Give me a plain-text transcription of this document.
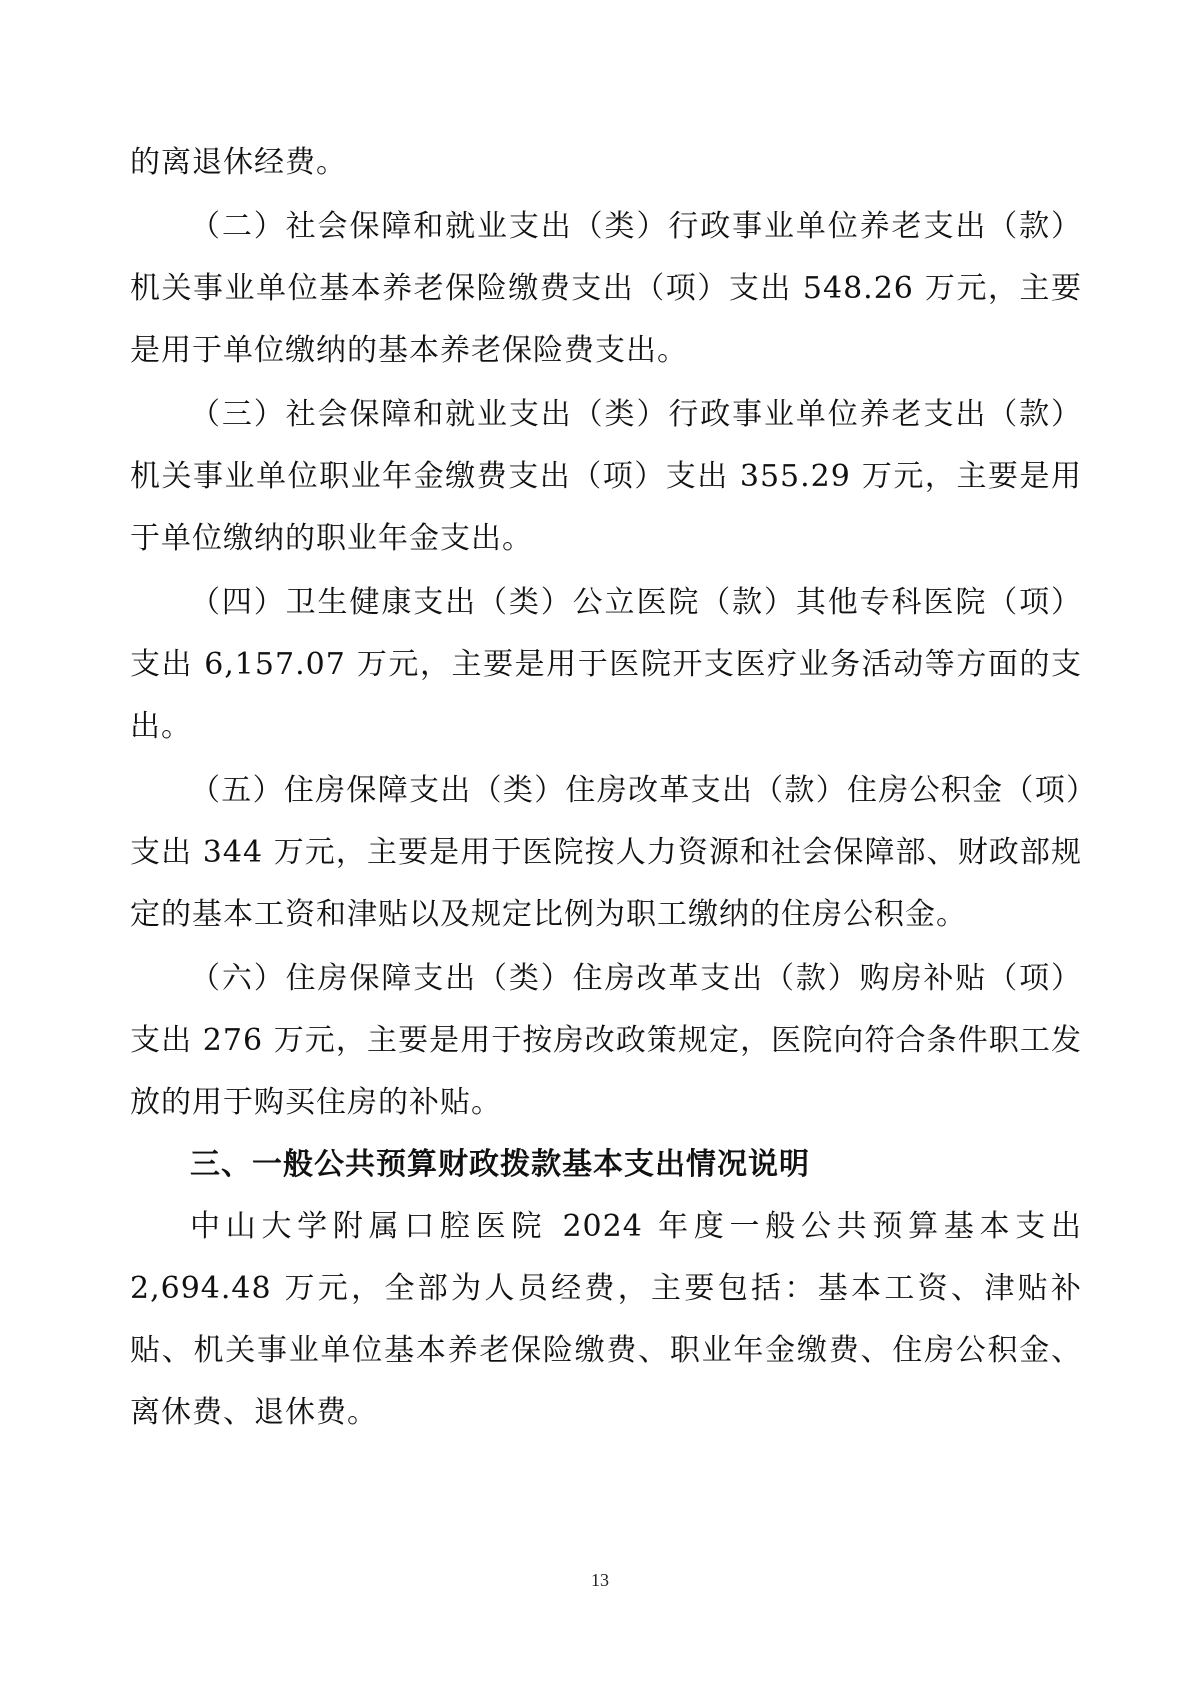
的离退休经费。

（二）社会保障和就业支出（类）行政事业单位养老支出（款）机关事业单位基本养老保险缴费支出（项）支出 548.26 万元，主要是用于单位缴纳的基本养老保险费支出。

（三）社会保障和就业支出（类）行政事业单位养老支出（款）机关事业单位职业年金缴费支出（项）支出 355.29 万元，主要是用于单位缴纳的职业年金支出。

（四）卫生健康支出（类）公立医院（款）其他专科医院（项）支出 6,157.07 万元，主要是用于医院开支医疗业务活动等方面的支出。

（五）住房保障支出（类）住房改革支出（款）住房公积金（项）支出 344 万元，主要是用于医院按人力资源和社会保障部、财政部规定的基本工资和津贴以及规定比例为职工缴纳的住房公积金。

（六）住房保障支出（类）住房改革支出（款）购房补贴（项）支出 276 万元，主要是用于按房改政策规定，医院向符合条件职工发放的用于购买住房的补贴。

三、一般公共预算财政拨款基本支出情况说明

中山大学附属口腔医院 2024 年度一般公共预算基本支出 2,694.48 万元，全部为人员经费，主要包括：基本工资、津贴补贴、机关事业单位基本养老保险缴费、职业年金缴费、住房公积金、离休费、退休费。

13
